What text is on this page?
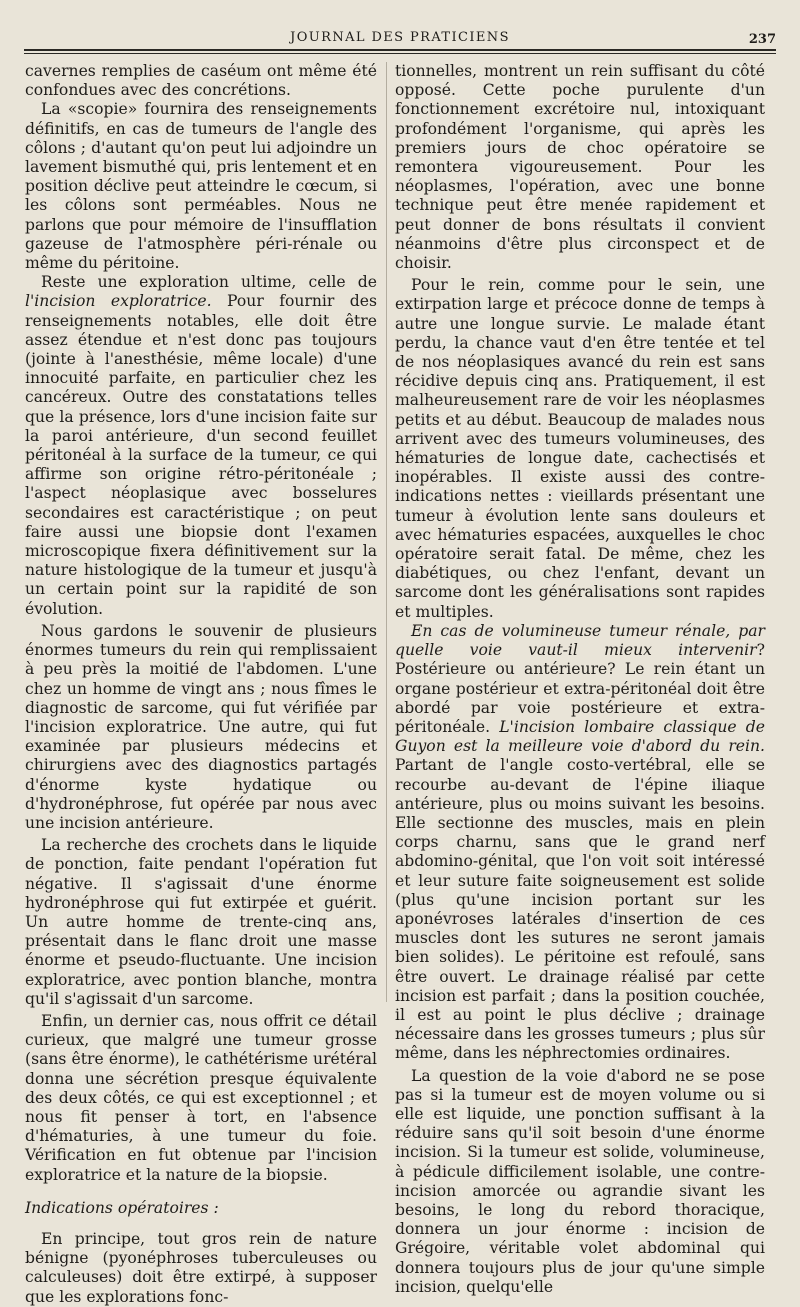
JOURNAL DES PRATICIENS	237

cavernes remplies de caséum ont même été confondues avec des concrétions.

La «scopie» fournira des renseignements définitifs, en cas de tumeurs de l'angle des côlons ; d'autant qu'on peut lui adjoindre un lavement bismuthé qui, pris lentement et en position déclive peut atteindre le cœcum, si les côlons sont perméables. Nous ne parlons que pour mémoire de l'insufflation gazeuse de l'atmosphère péri-rénale ou même du péritoine.

Reste une exploration ultime, celle de l'incision exploratrice. Pour fournir des renseignements notables, elle doit être assez étendue et n'est donc pas toujours (jointe à l'anesthésie, même locale) d'une innocuité parfaite, en particulier chez les cancéreux. Outre des constatations telles que la présence, lors d'une incision faite sur la paroi antérieure, d'un second feuillet péritonéal à la surface de la tumeur, ce qui affirme son origine rétro-péritonéale ; l'aspect néoplasique avec bosselures secondaires est caractéristique ; on peut faire aussi une biopsie dont l'examen microscopique fixera définitivement sur la nature histologique de la tumeur et jusqu'à un certain point sur la rapidité de son évolution.

Nous gardons le souvenir de plusieurs énormes tumeurs du rein qui remplissaient à peu près la moitié de l'abdomen. L'une chez un homme de vingt ans ; nous fîmes le diagnostic de sarcome, qui fut vérifiée par l'incision exploratrice. Une autre, qui fut examinée par plusieurs médecins et chirurgiens avec des diagnostics partagés d'énorme kyste hydatique ou d'hydronéphrose, fut opérée par nous avec une incision antérieure.

La recherche des crochets dans le liquide de ponction, faite pendant l'opération fut négative. Il s'agissait d'une énorme hydronéphrose qui fut extirpée et guérit. Un autre homme de trente-cinq ans, présentait dans le flanc droit une masse énorme et pseudo-fluctuante. Une incision exploratrice, avec pontion blanche, montra qu'il s'agissait d'un sarcome.

Enfin, un dernier cas, nous offrit ce détail curieux, que malgré une tumeur grosse (sans être énorme), le cathétérisme urétéral donna une sécrétion presque équivalente des deux côtés, ce qui est exceptionnel ; et nous fit penser à tort, en l'absence d'hématuries, à une tumeur du foie. Vérification en fut obtenue par l'incision exploratrice et la nature de la biopsie.

Indications opératoires :

En principe, tout gros rein de nature bénigne (pyonéphroses tuberculeuses ou calculeuses) doit être extirpé, à supposer que les explorations fonc-

tionnelles, montrent un rein suffisant du côté opposé. Cette poche purulente d'un fonctionnement excrétoire nul, intoxiquant profondément l'organisme, qui après les premiers jours de choc opératoire se remontera vigoureusement. Pour les néoplasmes, l'opération, avec une bonne technique peut être menée rapidement et peut donner de bons résultats il convient néanmoins d'être plus circonspect et de choisir.

Pour le rein, comme pour le sein, une extirpation large et précoce donne de temps à autre une longue survie. Le malade étant perdu, la chance vaut d'en être tentée et tel de nos néoplasiques avancé du rein est sans récidive depuis cinq ans. Pratiquement, il est malheureusement rare de voir les néoplasmes petits et au début. Beaucoup de malades nous arrivent avec des tumeurs volumineuses, des hématuries de longue date, cachectisés et inopérables. Il existe aussi des contre-indications nettes : vieillards présentant une tumeur à évolution lente sans douleurs et avec hématuries espacées, auxquelles le choc opératoire serait fatal. De même, chez les diabétiques, ou chez l'enfant, devant un sarcome dont les généralisations sont rapides et multiples.

En cas de volumineuse tumeur rénale, par quelle voie vaut-il mieux intervenir? Postérieure ou antérieure? Le rein étant un organe postérieur et extra-péritonéal doit être abordé par voie postérieure et extra-péritonéale. L'incision lombaire classique de Guyon est la meilleure voie d'abord du rein. Partant de l'angle costo-vertébral, elle se recourbe au-devant de l'épine iliaque antérieure, plus ou moins suivant les besoins. Elle sectionne des muscles, mais en plein corps charnu, sans que le grand nerf abdomino-génital, que l'on voit soit intéressé et leur suture faite soigneusement est solide (plus qu'une incision portant sur les aponévroses latérales d'insertion de ces muscles dont les sutures ne seront jamais bien solides). Le péritoine est refoulé, sans être ouvert. Le drainage réalisé par cette incision est parfait ; dans la position couchée, il est au point le plus déclive ; drainage nécessaire dans les grosses tumeurs ; plus sûr même, dans les néphrectomies ordinaires.

La question de la voie d'abord ne se pose pas si la tumeur est de moyen volume ou si elle est liquide, une ponction suffisant à la réduire sans qu'il soit besoin d'une énorme incision. Si la tumeur est solide, volumineuse, à pédicule difficilement isolable, une contre-incision amorcée ou agrandie sivant les besoins, le long du rebord thoracique, donnera un jour énorme : incision de Grégoire, véritable volet abdominal qui donnera toujours plus de jour qu'une simple incision, quelqu'elle
